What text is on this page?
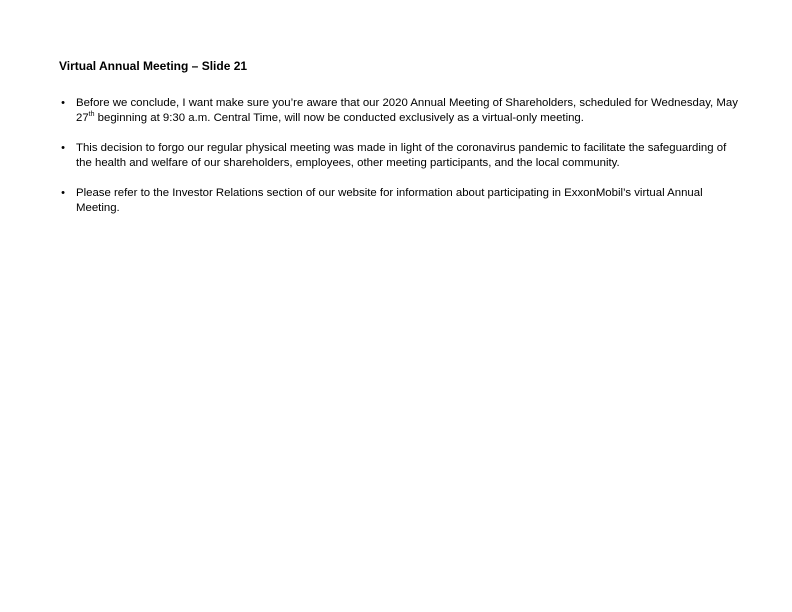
Virtual Annual Meeting – Slide 21
• Before we conclude, I want make sure you’re aware that our 2020 Annual Meeting of Shareholders, scheduled for Wednesday, May 27th beginning at 9:30 a.m. Central Time, will now be conducted exclusively as a virtual-only meeting.
• This decision to forgo our regular physical meeting was made in light of the coronavirus pandemic to facilitate the safeguarding of the health and welfare of our shareholders, employees, other meeting participants, and the local community.
• Please refer to the Investor Relations section of our website for information about participating in ExxonMobil’s virtual Annual Meeting.
